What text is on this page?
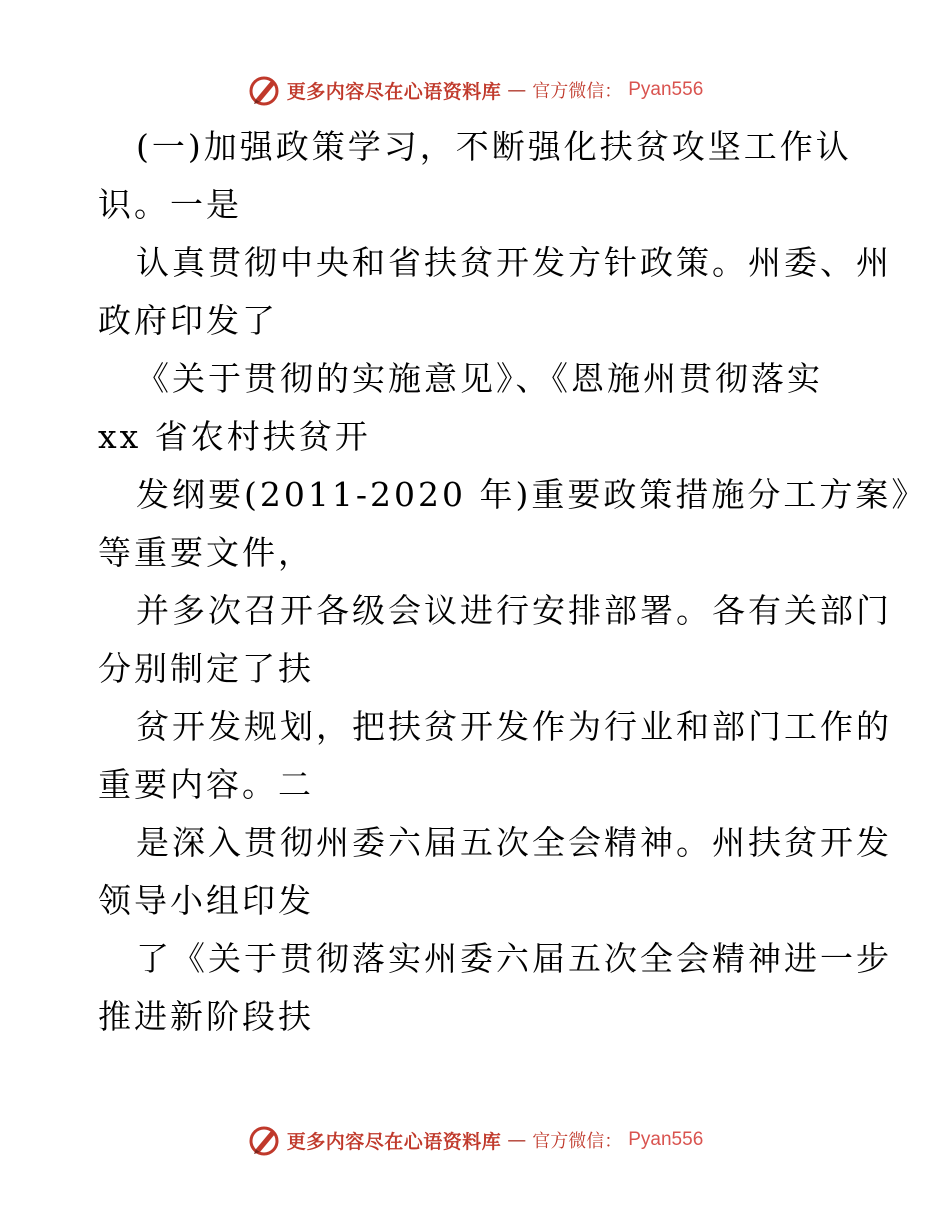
更多内容尽在心语资料库 — 官方微信： Pyan556

(一)加强政策学习，不断强化扶贫攻坚工作认
识。一是

认真贯彻中央和省扶贫开发方针政策。州委、州
政府印发了

《关于贯彻的实施意见》、《恩施州贯彻落实
xx 省农村扶贫开

发纲要(2011-2020 年)重要政策措施分工方案》
等重要文件，

并多次召开各级会议进行安排部署。各有关部门
分别制定了扶

贫开发规划，把扶贫开发作为行业和部门工作的
重要内容。二

是深入贯彻州委六届五次全会精神。州扶贫开发
领导小组印发

了《关于贯彻落实州委六届五次全会精神进一步
推进新阶段扶

更多内容尽在心语资料库 — 官方微信： Pyan556
